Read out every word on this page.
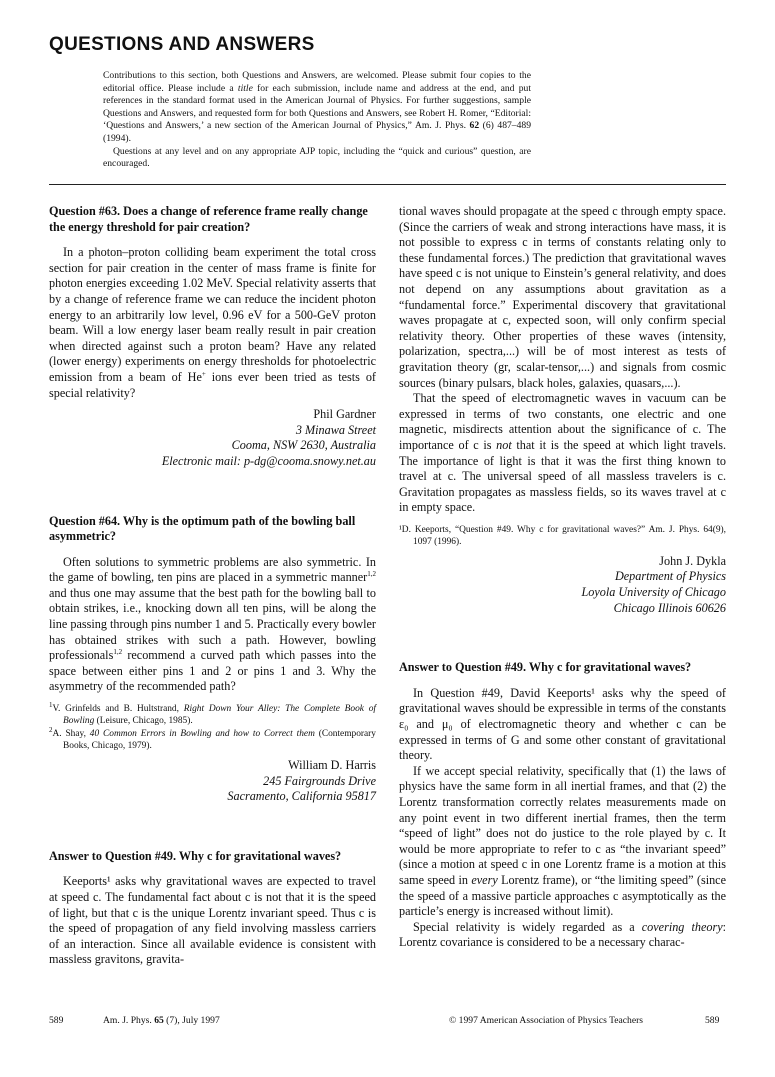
QUESTIONS AND ANSWERS

Contributions to this section, both Questions and Answers, are welcomed. Please submit four copies to the editorial office. Please include a title for each submission, include name and address at the end, and put references in the standard format used in the American Journal of Physics. For further suggestions, sample Questions and Answers, and requested form for both Questions and Answers, see Robert H. Romer, “Editorial: ‘Questions and Answers,’ a new section of the American Journal of Physics,” Am. J. Phys. 62 (6) 487–489 (1994).

Questions at any level and on any appropriate AJP topic, including the “quick and curious” question, are encouraged.

Question #63. Does a change of reference frame really change the energy threshold for pair creation?

In a photon–proton colliding beam experiment the total cross section for pair creation in the center of mass frame is finite for photon energies exceeding 1.02 MeV. Special relativity asserts that by a change of reference frame we can reduce the incident photon energy to an arbitrarily low level, 0.96 eV for a 500-GeV proton beam. Will a low energy laser beam really result in pair creation when directed against such a proton beam? Have any related (lower energy) experiments on energy thresholds for photoelectric emission from a beam of He+ ions ever been tried as tests of special relativity?

Phil Gardner
3 Minawa Street
Cooma, NSW 2630, Australia
Electronic mail: p-dg@cooma.snowy.net.au

Question #64. Why is the optimum path of the bowling ball asymmetric?

Often solutions to symmetric problems are also symmetric. In the game of bowling, ten pins are placed in a symmetric manner$^{1,2}$ and thus one may assume that the best path for the bowling ball to obtain strikes, i.e., knocking down all ten pins, will be along the line passing through pins number 1 and 5. Practically every bowler has obtained strikes with such a path. However, bowling professionals$^{1,2}$ recommend a curved path which passes into the space between either pins 1 and 2 or pins 1 and 3. Why the asymmetry of the recommended path?

$^1$V. Grinfelds and B. Hultstrand, Right Down Your Alley: The Complete Book of Bowling (Leisure, Chicago, 1985).

$^2$A. Shay, 40 Common Errors in Bowling and how to Correct them (Contemporary Books, Chicago, 1979).

William D. Harris
245 Fairgrounds Drive
Sacramento, California 95817

Answer to Question #49. Why c for gravitational waves?

Keeports¹ asks why gravitational waves are expected to travel at speed c. The fundamental fact about c is not that it is the speed of light, but that c is the unique Lorentz invariant speed. Thus c is the speed of propagation of any field involving massless carriers of an interaction. Since all available evidence is consistent with massless gravitons, gravita-

tional waves should propagate at the speed c through empty space. (Since the carriers of weak and strong interactions have mass, it is not possible to express c in terms of constants relating only to these fundamental forces.) The prediction that gravitational waves have speed c is not unique to Einstein’s general relativity, and does not depend on any assumptions about gravitation as a “fundamental force.” Experimental discovery that gravitational waves propagate at c, expected soon, will only confirm special relativity theory. Other properties of these waves (intensity, polarization, spectra,...) will be of most interest as tests of gravitation theory (gr, scalar-tensor,...) and signals from cosmic sources (binary pulsars, black holes, galaxies, quasars,...).

That the speed of electromagnetic waves in vacuum can be expressed in terms of two constants, one electric and one magnetic, misdirects attention about the significance of c. The importance of c is not that it is the speed at which light travels. The importance of light is that it was the first thing known to travel at c. The universal speed of all massless travelers is c. Gravitation propagates as massless fields, so its waves travel at c in empty space.

¹D. Keeports, “Question #49. Why c for gravitational waves?” Am. J. Phys. 64(9), 1097 (1996).

John J. Dykla
Department of Physics
Loyola University of Chicago
Chicago Illinois 60626

Answer to Question #49. Why c for gravitational waves?

In Question #49, David Keeports¹ asks why the speed of gravitational waves should be expressible in terms of the constants ε₀ and μ₀ of electromagnetic theory and whether c can be expressed in terms of G and some other constant of gravitational theory.

If we accept special relativity, specifically that (1) the laws of physics have the same form in all inertial frames, and that (2) the Lorentz transformation correctly relates measurements made on any point event in two different inertial frames, then the term “speed of light” does not do justice to the role played by c. It would be more appropriate to refer to c as “the invariant speed” (since a motion at speed c in one Lorentz frame is a motion at this same speed in every Lorentz frame), or “the limiting speed” (since the speed of a massive particle approaches c asymptotically as the particle’s energy is increased without limit).

Special relativity is widely regarded as a covering theory: Lorentz covariance is considered to be a necessary charac-

589	Am. J. Phys. 65 (7), July 1997	© 1997 American Association of Physics Teachers	589
